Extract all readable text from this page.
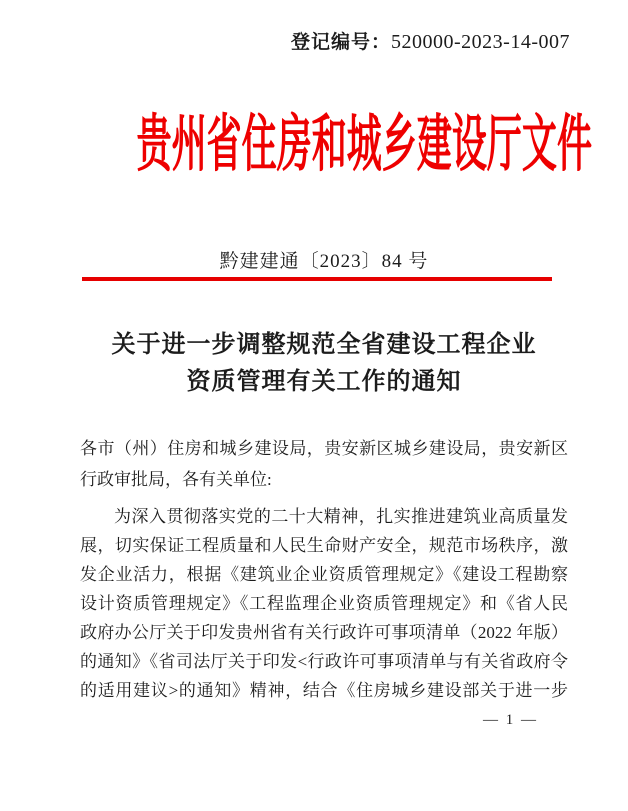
登记编号：520000-2023-14-007
贵州省住房和城乡建设厅文件
黔建建通〔2023〕84 号
关于进一步调整规范全省建设工程企业
资质管理有关工作的通知
各市（州）住房和城乡建设局，贵安新区城乡建设局，贵安新区
行政审批局，各有关单位:
为深入贯彻落实党的二十大精神，扎实推进建筑业高质量发
展，切实保证工程质量和人民生命财产安全，规范市场秩序，激
发企业活力，根据《建筑业企业资质管理规定》《建设工程勘察
设计资质管理规定》《工程监理企业资质管理规定》和《省人民
政府办公厅关于印发贵州省有关行政许可事项清单（2022 年版）
的通知》《省司法厅关于印发<行政许可事项清单与有关省政府令
的适用建议>的通知》精神，结合《住房城乡建设部关于进一步
— 1 —
